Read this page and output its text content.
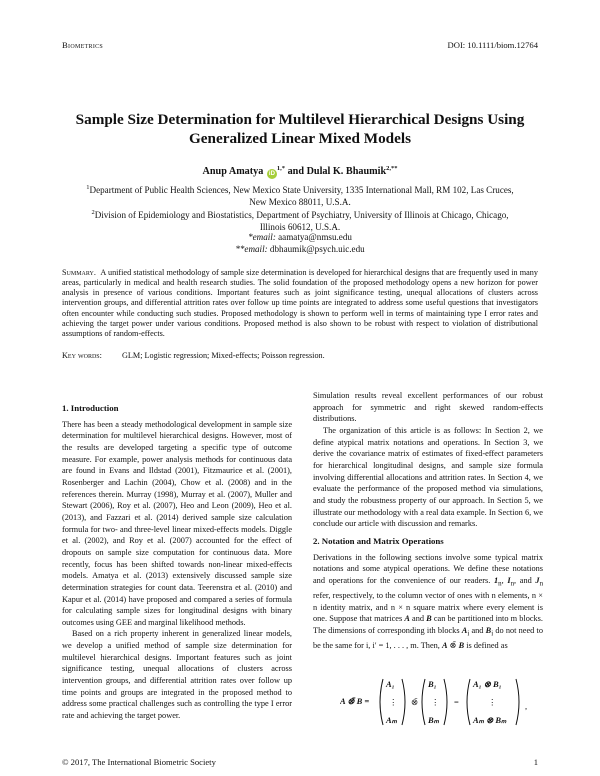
Biometrics	DOI: 10.1111/biom.12764
Sample Size Determination for Multilevel Hierarchical Designs Using Generalized Linear Mixed Models
Anup Amatya $iD^{1,*}$ and Dulal K. Bhaumik$^{2,**}$
$^1$Department of Public Health Sciences, New Mexico State University, 1335 International Mall, RM 102, Las Cruces, New Mexico 88011, U.S.A.
$^2$Division of Epidemiology and Biostatistics, Department of Psychiatry, University of Illinois at Chicago, Chicago, Illinois 60612, U.S.A.
*email: aamatya@nmsu.edu
**email: dbhaumik@psych.uic.edu
Summary. A unified statistical methodology of sample size determination is developed for hierarchical designs that are frequently used in many areas, particularly in medical and health research studies. The solid foundation of the proposed methodology opens a new horizon for power analysis in presence of various conditions. Important features such as joint significance testing, unequal allocations of clusters across intervention groups, and differential attrition rates over follow up time points are integrated to address some useful questions that investigators often encounter while conducting such studies. Proposed methodology is shown to perform well in terms of maintaining type I error rates and achieving the target power under various conditions. Proposed method is also shown to be robust with respect to violation of distributional assumptions of random-effects.
Key words: GLM; Logistic regression; Mixed-effects; Poisson regression.

1. Introduction

There has been a steady methodological development in sample size determination for multilevel hierarchical designs. However, most of the results are developed targeting a specific type of outcome measure. For example, power analysis methods for continuous data are found in Evans and Ildstad (2001), Fitzmaurice et al. (2001), Rosenberger and Lachin (2004), Chow et al. (2008) and in the references therein. Murray (1998), Murray et al. (2007), Muller and Stewart (2006), Roy et al. (2007), Heo and Leon (2009), Heo et al. (2013), and Fazzari et al. (2014) derived sample size calculation formula for two- and three-level linear mixed-effects models. Diggle et al. (2002), and Roy et al. (2007) accounted for the effect of dropouts on sample size computation for continuous data. More recently, focus has been shifted towards non-linear mixed-effects models. Amatya et al. (2013) extensively discussed sample size determination strategies for count data. Teerenstra et al. (2010) and Kapur et al. (2014) have proposed and compared a series of formula for calculating sample sizes for longitudinal designs with binary outcomes using GEE and marginal likelihood methods.

Based on a rich property inherent in generalized linear models, we develop a unified method of sample size determination for multilevel hierarchical designs. Important features such as joint significance testing, unequal allocations of clusters across intervention groups, and differential attrition rates over follow up time points and groups are integrated in the proposed method to address some practical challenges such as controlling the type I error rate and achieving the target power.

Simulation results reveal excellent performances of our robust approach for symmetric and right skewed random-effects distributions.

The organization of this article is as follows: In Section 2, we define atypical matrix notations and operations. In Section 3, we derive the covariance matrix of estimates of fixed-effect parameters for hierarchical longitudinal designs, and sample size formula involving differential allocations and attrition rates. In Section 4, we evaluate the performance of the proposed method via simulations, and study the robustness property of our approach. In Section 5, we illustrate our methodology with a real data example. In Section 6, we conclude our article with discussion and remarks.

2. Notation and Matrix Operations

Derivations in the following sections involve some typical matrix notations and some atypical operations. We define these notations and operations for the convenience of our readers. $1_n$, $I_n$, and $J_n$ refer, respectively, to the column vector of ones with n elements, n × n identity matrix, and n × n square matrix where every element is one. Suppose that matrices A and B can be partitioned into m blocks. The dimensions of corresponding ith blocks $A_i$ and $B_i$ do not need to be the same for i, i′ = 1, . . . , m. Then, A ⊗̄ B is defined as

A ⊗̄ B =
A₁
⋮
Aₘ
⊗̄
B₁
⋮
Bₘ
=
A₁ ⊗ B₁
⋮
Aₘ ⊗ Bₘ
,
© 2017, The International Biometric Society	1
